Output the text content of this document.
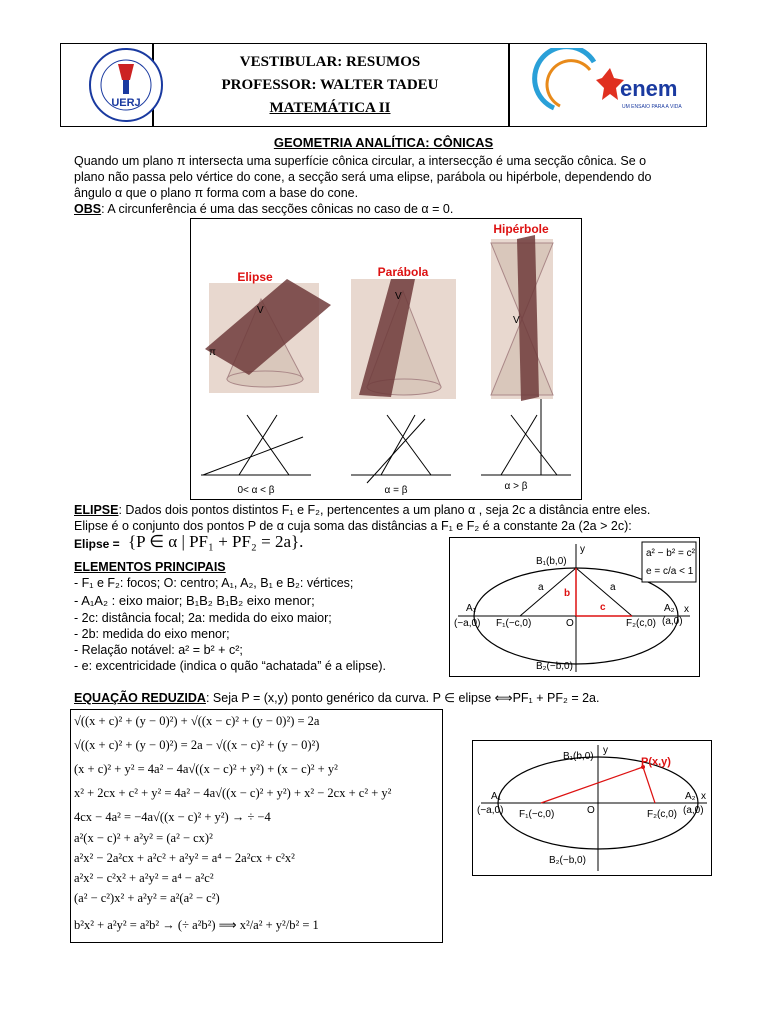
UERJ
VESTIBULAR: RESUMOS
PROFESSOR: WALTER TADEU
MATEMÁTICA II
enem
UM ENSAIO PARA A VIDA
GEOMETRIA ANALÍTICA: CÔNICAS
Quando um plano π intersecta uma superfície cônica circular, a intersecção é uma secção cônica. Se o
plano não passa pelo vértice do cone, a secção será uma elipse, parábola ou hipérbole, dependendo do
ângulo α que o plano π forma com a base do cone.
OBS: A circunferência é uma das secções cônicas no caso de α = 0.
Elipse
V
π
Parábola
V
Hipérbole
V
0< α < β	α = β	α > β
ELIPSE: Dados dois pontos distintos F₁ e F₂, pertencentes a um plano α , seja 2c a distância entre eles.
Elipse é o conjunto dos pontos P de α cuja soma das distâncias a F₁ e F₂ é a constante 2a (2a > 2c):
Elipse = {P ∈ α | PF₁ + PF₂ = 2a}.
ELEMENTOS PRINCIPAIS
- F₁ e F₂: focos; O: centro; A₁, A₂, B₁ e B₂: vértices;
- A₁A₂ : eixo maior; B₁B₂ B₁B₂ eixo menor;
- 2c: distância focal; 2a: medida do eixo maior;
- 2b: medida do eixo menor;
- Relação notável: a² = b² + c²;
- e: excentricidade (indica o quão “achatada” é a elipse).
y
x
B₁(b,0)
B₂(−b,0)
A₁
(−a,0)
A₂
(a,0)
F₁(−c,0)	F₂(c,0)
O
a	a
b
c
a² − b² = c²
e = c/a < 1
EQUAÇÃO REDUZIDA: Seja P = (x,y) ponto genérico da curva. P ∈ elipse ⟺PF₁ + PF₂ = 2a.
√((x + c)² + (y − 0)²) + √((x − c)² + (y − 0)²) = 2a
√((x + c)² + (y − 0)²) = 2a − √((x − c)² + (y − 0)²)
(x + c)² + y² = 4a² − 4a√((x − c)² + y²) + (x − c)² + y²
x² + 2cx + c² + y² = 4a² − 4a√((x − c)² + y²) + x² − 2cx + c² + y²
4cx − 4a² = −4a√((x − c)² + y²) → ÷ −4
a²(x − c)² + a²y² = (a² − cx)²
a²x² − 2a²cx + a²c² + a²y² = a⁴ − 2a²cx + c²x²
a²x² − c²x² + a²y² = a⁴ − a²c²
(a² − c²)x² + a²y² = a²(a² − c²)
b²x² + a²y² = a²b² → (÷ a²b²) ⟹ x²/a² + y²/b² = 1
y
x
P(x,y)
B₁(b,0)
B₂(−b,0)
A₁
(−a,0)
A₂
(a,0)
F₁(−c,0)	F₂(c,0)
O
